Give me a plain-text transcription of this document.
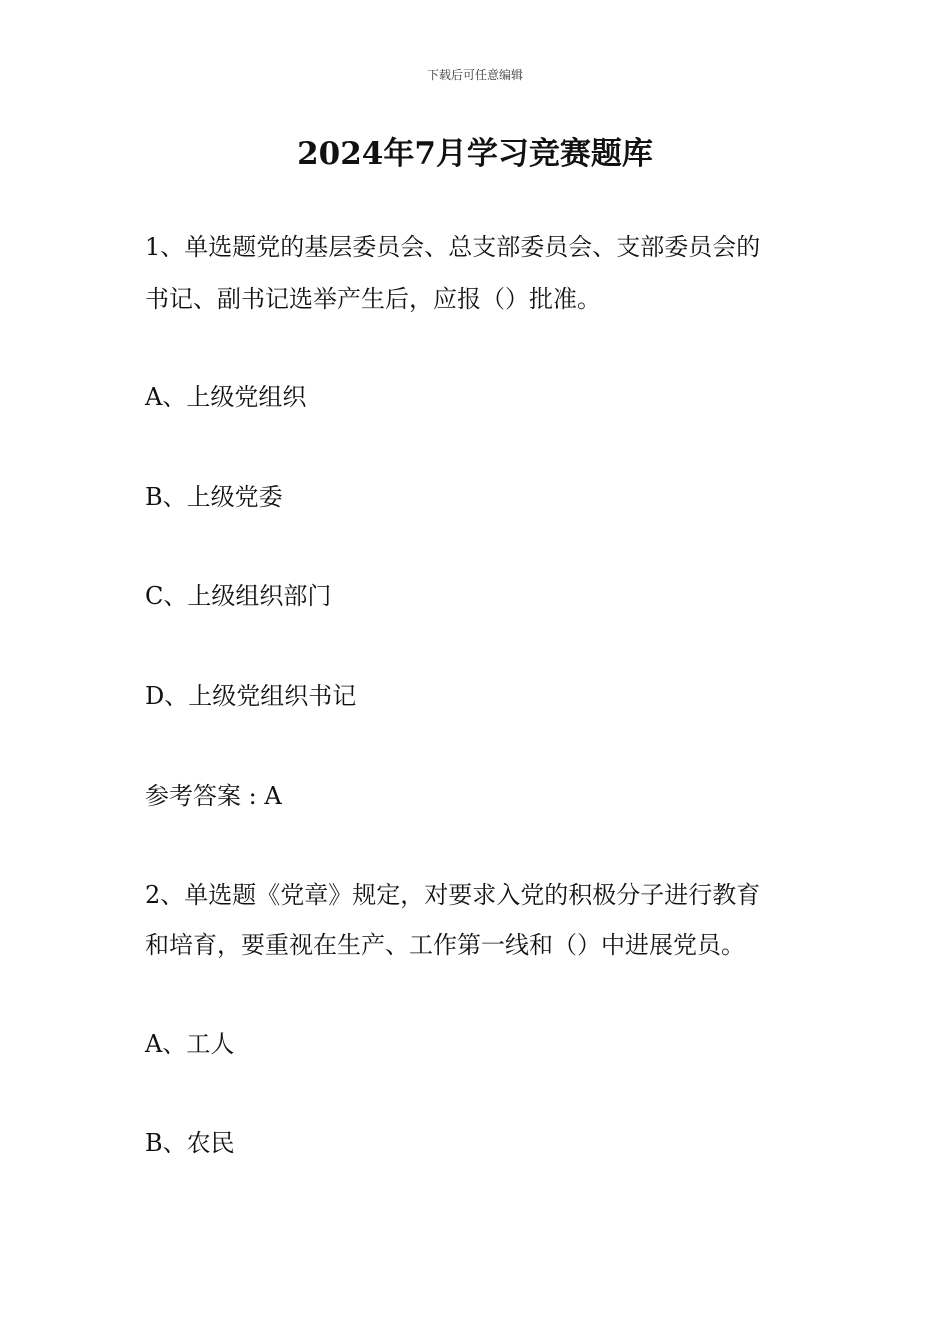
下载后可任意编辑
2024年7月学习竞赛题库
1、单选题党的基层委员会、总支部委员会、支部委员会的
书记、副书记选举产生后，应报（）批准。
A、上级党组织
B、上级党委
C、上级组织部门
D、上级党组织书记
参考答案 : A
2、单选题《党章》规定，对要求入党的积极分子进行教育
和培育，要重视在生产、工作第一线和（）中进展党员。
A、工人
B、农民
